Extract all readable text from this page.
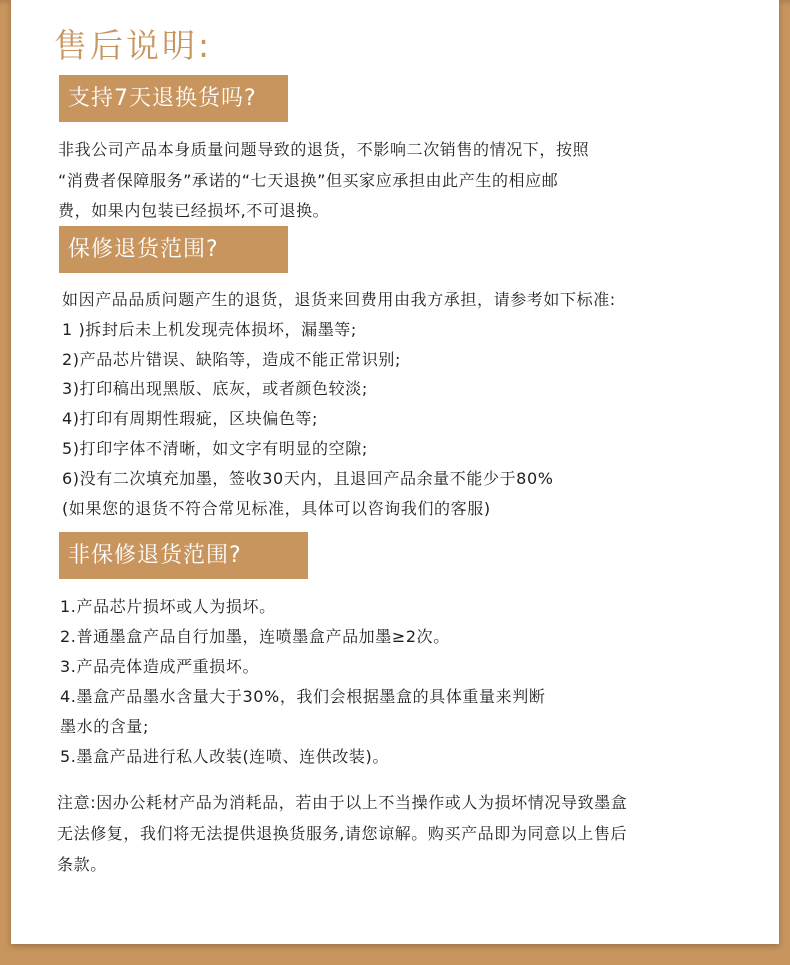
售后说明:
支持7天退换货吗?
非我公司产品本身质量问题导致的退货，不影响二次销售的情况下，按照
“消费者保障服务”承诺的“七天退换”但买家应承担由此产生的相应邮
费，如果内包装已经损坏,不可退换。
保修退货范围?
如因产品品质问题产生的退货，退货来回费用由我方承担，请参考如下标准:
1 )拆封后未上机发现壳体损坏，漏墨等;
2)产品芯片错误、缺陷等，造成不能正常识别;
3)打印稿出现黑版、底灰，或者颜色较淡;
4)打印有周期性瑕疵，区块偏色等;
5)打印字体不清晰，如文字有明显的空隙;
6)没有二次填充加墨，签收30天内，且退回产品余量不能少于80%
(如果您的退货不符合常见标准，具体可以咨询我们的客服)
非保修退货范围?
1.产品芯片损坏或人为损坏。
2.普通墨盒产品自行加墨，连喷墨盒产品加墨≥2次。
3.产品壳体造成严重损坏。
4.墨盒产品墨水含量大于30%，我们会根据墨盒的具体重量来判断
墨水的含量;
5.墨盒产品进行私人改装(连喷、连供改装)。
注意:因办公耗材产品为消耗品，若由于以上不当操作或人为损坏情况导致墨盒
无法修复，我们将无法提供退换货服务,请您谅解。购买产品即为同意以上售后
条款。
